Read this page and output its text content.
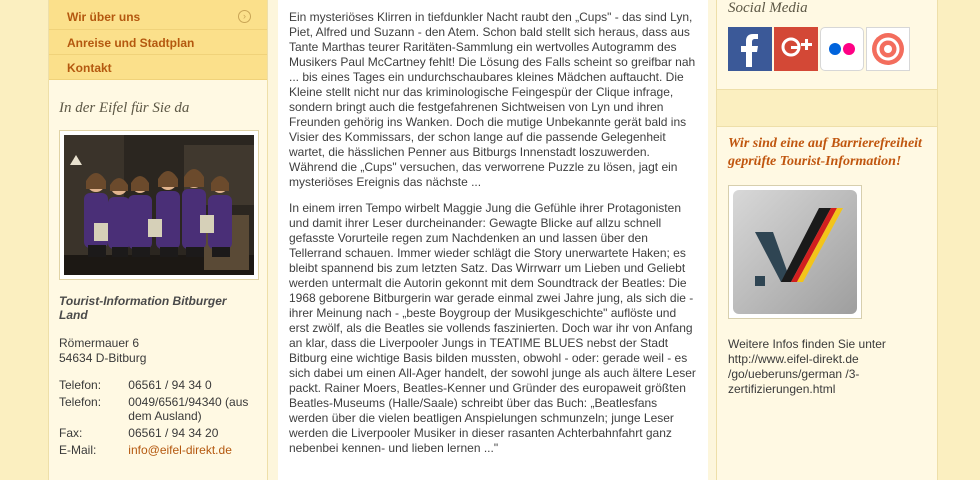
Wir über uns	›
Anreise und Stadtplan
Kontakt
In der Eifel für Sie da
Tourist-Information Bitburger Land
Römermauer 6
54634 D-Bitburg
Telefon:	06561 / 94 34 0
Telefon:	0049/6561/94340 (aus dem Ausland)
Fax:	06561 / 94 34 20
E-Mail:	info@eifel-direkt.de

Ein mysteriöses Klirren in tiefdunkler Nacht raubt den „Cups" - das sind Lyn, Piet, Alfred und Suzann - den Atem. Schon bald stellt sich heraus, dass aus Tante Marthas teurer Raritäten-Sammlung ein wertvolles Autogramm des Musikers Paul McCartney fehlt! Die Lösung des Falls scheint so greifbar nah ... bis eines Tages ein undurchschaubares kleines Mädchen auftaucht. Die Kleine stellt nicht nur das kriminologische Feingespür der Clique infrage, sondern bringt auch die festgefahrenen Sichtweisen von Lyn und ihren Freunden gehörig ins Wanken. Doch die mutige Unbekannte gerät bald ins Visier des Kommissars, der schon lange auf die passende Gelegenheit wartet, die hässlichen Penner aus Bitburgs Innenstadt loszuwerden. Während die „Cups" versuchen, das verworrene Puzzle zu lösen, jagt ein mysteriöses Ereignis das nächste ...

In einem irren Tempo wirbelt Maggie Jung die Gefühle ihrer Protagonisten und damit ihrer Leser durcheinander: Gewagte Blicke auf allzu schnell gefasste Vorurteile regen zum Nachdenken an und lassen über den Tellerrand schauen. Immer wieder schlägt die Story unerwartete Haken; es bleibt spannend bis zum letzten Satz. Das Wirrwarr um Lieben und Geliebt werden untermalt die Autorin gekonnt mit dem Soundtrack der Beatles: Die 1968 geborene Bitburgerin war gerade einmal zwei Jahre jung, als sich die - ihrer Meinung nach - „beste Boygroup der Musikgeschichte" auflöste und erst zwölf, als die Beatles sie vollends faszinierten. Doch war ihr von Anfang an klar, dass die Liverpooler Jungs in TEATIME BLUES nebst der Stadt Bitburg eine wichtige Basis bilden mussten, obwohl - oder: gerade weil - es sich dabei um einen All-Ager handelt, der sowohl junge als auch ältere Leser packt. Rainer Moers, Beatles-Kenner und Gründer des europaweit größten Beatles-Museums (Halle/Saale) schreibt über das Buch: „Beatlesfans werden über die vielen beatligen Anspielungen schmunzeln; junge Leser werden die Liverpooler Musiker in dieser rasanten Achterbahnfahrt ganz nebenbei kennen- und lieben lernen ..."

Social Media
Wir sind eine auf Barrierefreiheit geprüfte Tourist-Information!
Weitere Infos finden Sie unter http://www.eifel-direkt.de /go/ueberuns/german /3-zertifizierungen.html
